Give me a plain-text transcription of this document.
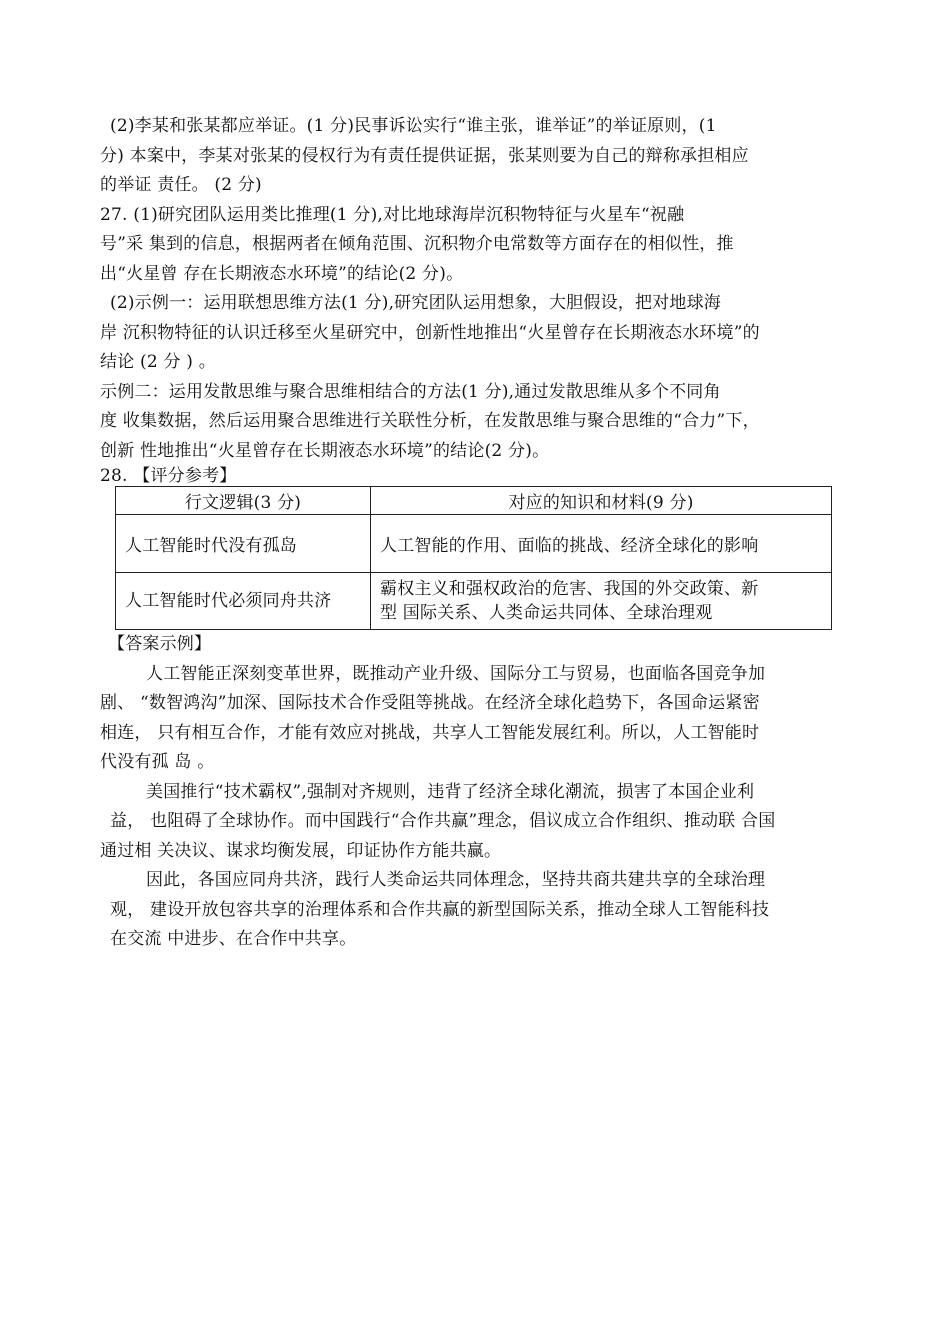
(2)李某和张某都应举证。(1 分)民事诉讼实行“谁主张，谁举证”的举证原则，(1
分) 本案中，李某对张某的侵权行为有责任提供证据，张某则要为自己的辩称承担相应
的举证 责任。 (2 分)
27. (1)研究团队运用类比推理(1 分),对比地球海岸沉积物特征与火星车“祝融
号”采 集到的信息，根据两者在倾角范围、沉积物介电常数等方面存在的相似性，推
出“火星曾 存在长期液态水环境”的结论(2 分)。
(2)示例一：运用联想思维方法(1 分),研究团队运用想象，大胆假设，把对地球海
岸 沉积物特征的认识迁移至火星研究中，创新性地推出“火星曾存在长期液态水环境”的
结论 (2 分 ) 。
示例二：运用发散思维与聚合思维相结合的方法(1 分),通过发散思维从多个不同角
度 收集数据，然后运用聚合思维进行关联性分析，在发散思维与聚合思维的“合力”下，
创新 性地推出“火星曾存在长期液态水环境”的结论(2 分)。
28. 【评分参考】
行文逻辑(3 分)	对应的知识和材料(9 分)
人工智能时代没有孤岛	人工智能的作用、面临的挑战、经济全球化的影响
人工智能时代必须同舟共济	霸权主义和强权政治的危害、我国的外交政策、新
型 国际关系、人类命运共同体、全球治理观
【答案示例】
人工智能正深刻变革世界，既推动产业升级、国际分工与贸易，也面临各国竞争加
剧、 “数智鸿沟”加深、国际技术合作受阻等挑战。在经济全球化趋势下，各国命运紧密
相连， 只有相互合作，才能有效应对挑战，共享人工智能发展红利。所以，人工智能时
代没有孤 岛 。
美国推行“技术霸权”,强制对齐规则，违背了经济全球化潮流，损害了本国企业利
益， 也阻碍了全球协作。而中国践行“合作共赢”理念，倡议成立合作组织、推动联 合国
通过相 关决议、谋求均衡发展，印证协作方能共赢。
因此，各国应同舟共济，践行人类命运共同体理念，坚持共商共建共享的全球治理
观， 建设开放包容共享的治理体系和合作共赢的新型国际关系，推动全球人工智能科技
在交流 中进步、在合作中共享。
